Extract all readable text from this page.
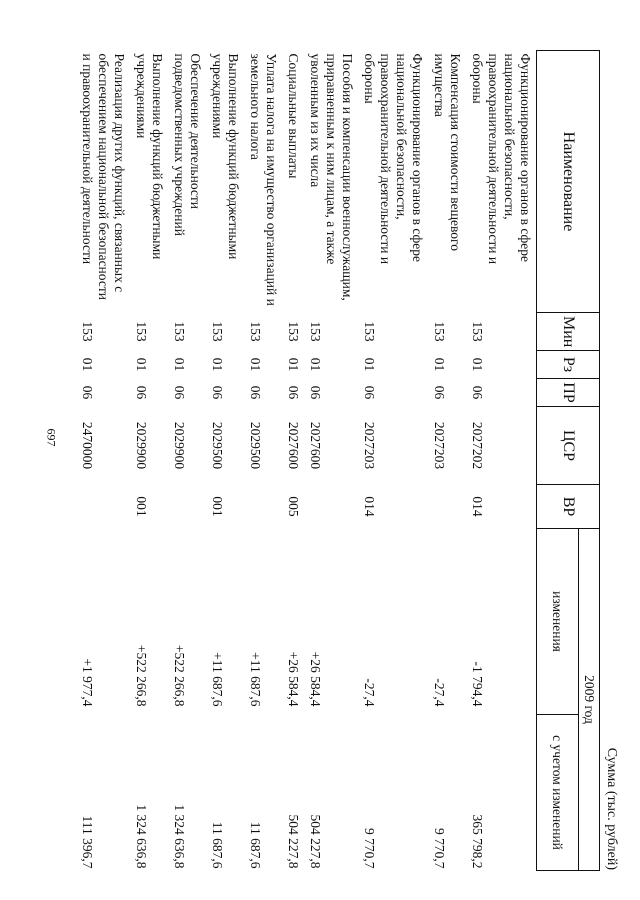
697
Сумма (тыс. рублей)
Наименование	Мин	Рз	ПР	ЦСР	ВР	2009 год	
						изменения	с учетом изменений
Функционирование органов в сфере национальной безопасности, правоохранительной деятельности и обороны	153	01	06	2027202	014	-1 794,4	365 798,2
Компенсация стоимости вещевого имущества	153	01	06	2027203		-27,4	9 770,7
Функционирование органов в сфере национальной безопасности, правоохранительной деятельности и обороны	153	01	06	2027203	014	-27,4	9 770,7
Пособия и компенсации военнослужащим, приравненным к ним лицам, а также уволенным из их числа	153	01	06	2027600		+26 584,4	504 227,8
Социальные выплаты	153	01	06	2027600	005	+26 584,4	504 227,8
Уплата налога на имущество организаций и земельного налога	153	01	06	2029500		+11 687,6	11 687,6
Выполнение функций бюджетными учреждениями	153	01	06	2029500	001	+11 687,6	11 687,6
Обеспечение деятельности подведомственных учреждений	153	01	06	2029900		+522 266,8	1 324 636,8
Выполнение функций бюджетными учреждениями	153	01	06	2029900	001	+522 266,8	1 324 636,8
Реализация других функций, связанных с обеспечением национальной безопасности и правоохранительной деятельности	153	01	06	2470000		+1 977,4	111 396,7
